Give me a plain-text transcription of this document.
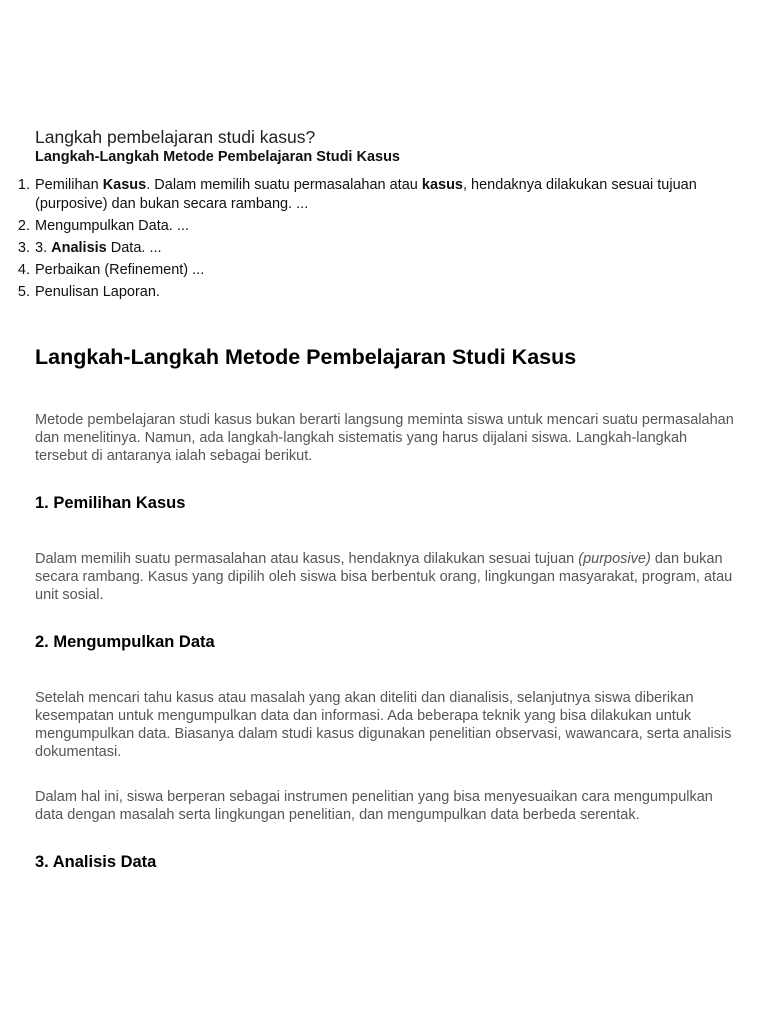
Langkah pembelajaran studi kasus?
Langkah-Langkah Metode Pembelajaran Studi Kasus
1. Pemilihan Kasus. Dalam memilih suatu permasalahan atau kasus, hendaknya dilakukan sesuai tujuan (purposive) dan bukan secara rambang. ...
2. Mengumpulkan Data. ...
3. 3. Analisis Data. ...
4. Perbaikan (Refinement) ...
5. Penulisan Laporan.
Langkah-Langkah Metode Pembelajaran Studi Kasus

Metode pembelajaran studi kasus bukan berarti langsung meminta siswa untuk mencari suatu permasalahan dan menelitinya. Namun, ada langkah-langkah sistematis yang harus dijalani siswa. Langkah-langkah tersebut di antaranya ialah sebagai berikut.

1. Pemilihan Kasus

Dalam memilih suatu permasalahan atau kasus, hendaknya dilakukan sesuai tujuan (purposive) dan bukan secara rambang. Kasus yang dipilih oleh siswa bisa berbentuk orang, lingkungan masyarakat, program, atau unit sosial.

2. Mengumpulkan Data

Setelah mencari tahu kasus atau masalah yang akan diteliti dan dianalisis, selanjutnya siswa diberikan kesempatan untuk mengumpulkan data dan informasi. Ada beberapa teknik yang bisa dilakukan untuk mengumpulkan data. Biasanya dalam studi kasus digunakan penelitian observasi, wawancara, serta analisis dokumentasi.

Dalam hal ini, siswa berperan sebagai instrumen penelitian yang bisa menyesuaikan cara mengumpulkan data dengan masalah serta lingkungan penelitian, dan mengumpulkan data berbeda serentak.

3. Analisis Data
